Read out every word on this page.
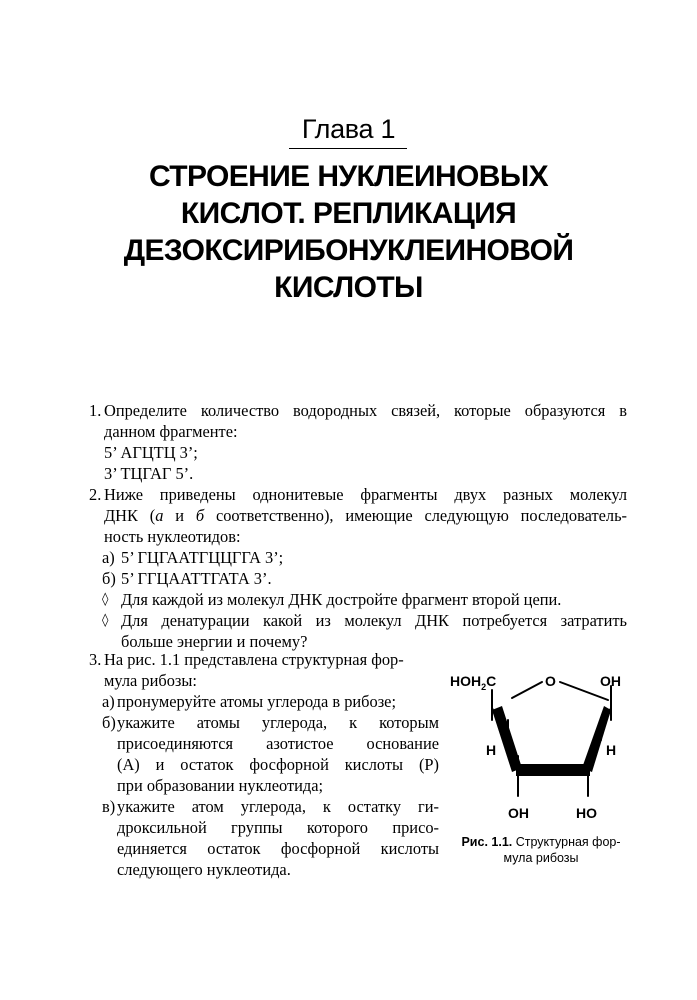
Глава 1
СТРОЕНИЕ НУКЛЕИНОВЫХ
КИСЛОТ. РЕПЛИКАЦИЯ
ДЕЗОКСИРИБОНУКЛЕИНОВОЙ
КИСЛОТЫ
1. Определите количество водородных связей, которые образуются в
данном фрагменте:
5’ АГЦТЦ 3’;
3’ ТЦГАГ 5’.
2. Ниже приведены однонитевые фрагменты двух разных молекул
ДНК (а и б соответственно), имеющие следующую последователь-
ность нуклеотидов:
а) 5’ ГЦГААТГЦЦГГА 3’;
б) 5’ ГГЦААТТГАТА 3’.
◊ Для каждой из молекул ДНК достройте фрагмент второй цепи.
◊ Для денатурации какой из молекул ДНК потребуется затратить
больше энергии и почему?
3. На рис. 1.1 представлена структурная фор-
мула рибозы:
а) пронумеруйте атомы углерода в рибозе;
б) укажите атомы углерода, к которым
присоединяются азотистое основание
(А) и остаток фосфорной кислоты (Р)
при образовании нуклеотида;
в) укажите атом углерода, к остатку ги-
дроксильной группы которого присо-
единяется остаток фосфорной кислоты
следующего нуклеотида.
$HOH_2C$	O	OH
H	H
OH	HO
Рис. 1.1. Структурная фор-
мула рибозы
